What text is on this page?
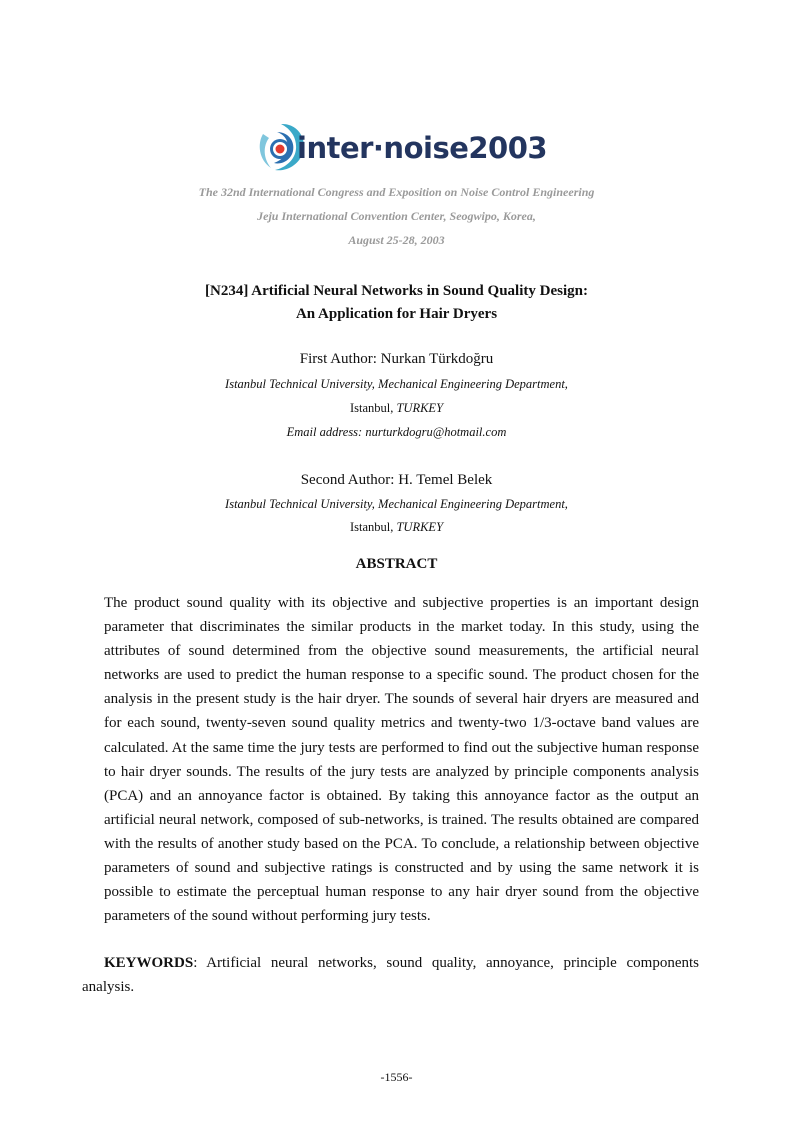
inter·noise2003
The 32nd International Congress and Exposition on Noise Control Engineering
Jeju International Convention Center, Seogwipo, Korea,
August 25-28, 2003
[N234] Artificial Neural Networks in Sound Quality Design:
An Application for Hair Dryers
First Author: Nurkan Türkdoğru
Istanbul Technical University, Mechanical Engineering Department,
Istanbul, TURKEY
Email address: nurturkdogru@hotmail.com
Second Author: H. Temel Belek
Istanbul Technical University, Mechanical Engineering Department,
Istanbul, TURKEY
ABSTRACT

The product sound quality with its objective and subjective properties is an important design parameter that discriminates the similar products in the market today. In this study, using the attributes of sound determined from the objective sound measurements, the artificial neural networks are used to predict the human response to a specific sound. The product chosen for the analysis in the present study is the hair dryer. The sounds of several hair dryers are measured and for each sound, twenty-seven sound quality metrics and twenty-two 1/3-octave band values are calculated. At the same time the jury tests are performed to find out the subjective human response to hair dryer sounds. The results of the jury tests are analyzed by principle components analysis (PCA) and an annoyance factor is obtained. By taking this annoyance factor as the output an artificial neural network, composed of sub-networks, is trained. The results obtained are compared with the results of another study based on the PCA. To conclude, a relationship between objective parameters of sound and subjective ratings is constructed and by using the same network it is possible to estimate the perceptual human response to any hair dryer sound from the objective parameters of the sound without performing jury tests.

KEYWORDS: Artificial neural networks, sound quality, annoyance, principle components analysis.

-1556-
